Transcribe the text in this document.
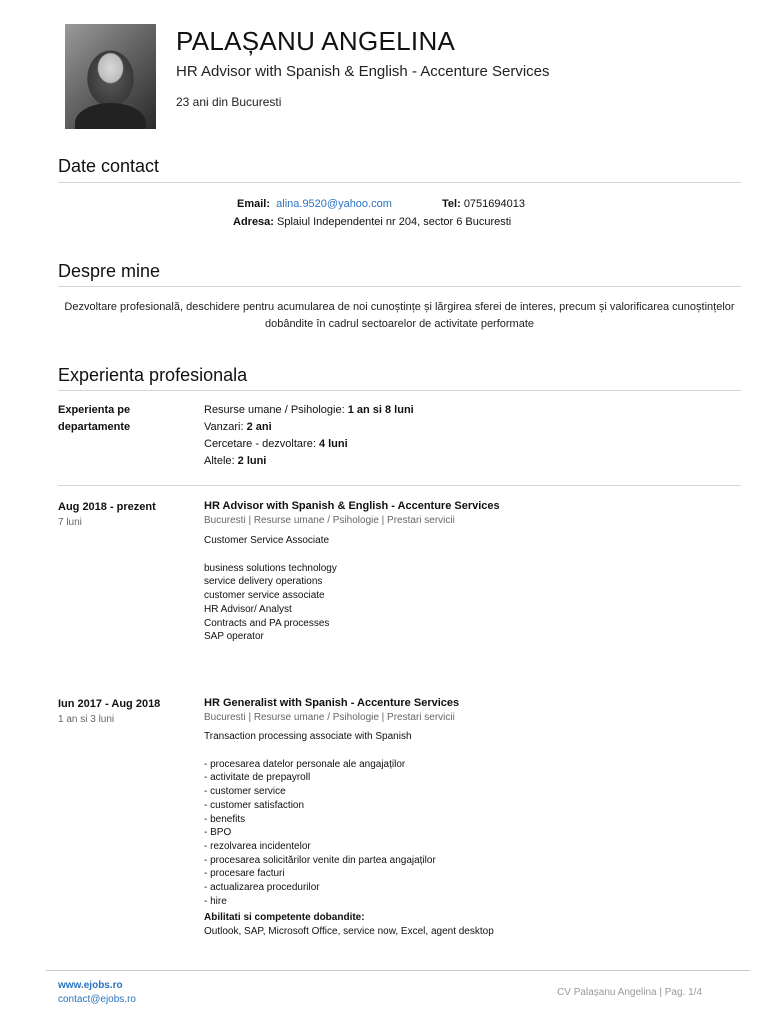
PALAȘANU ANGELINA
HR Advisor with Spanish & English - Accenture Services
23 ani din Bucuresti
Date contact
Email: alina.9520@yahoo.com	Tel: 0751694013
Adresa: Splaiul Independentei nr 204, sector 6 Bucuresti
Despre mine
Dezvoltare profesională, deschidere pentru acumularea de noi cunoștințe și lărgirea sferei de interes, precum și valorificarea cunoștințelor dobândite în cadrul sectoarelor de activitate performate
Experienta profesionala
Experienta pe
departamente
Resurse umane / Psihologie: 1 an si 8 luni
Vanzari: 2 ani
Cercetare - dezvoltare: 4 luni
Altele: 2 luni
Aug 2018 - prezent
7 luni
HR Advisor with Spanish & English - Accenture Services
Bucuresti | Resurse umane / Psihologie | Prestari servicii
Customer Service Associate
business solutions technology
service delivery operations
customer service associate
HR Advisor/ Analyst
Contracts and PA processes
SAP operator
Iun 2017 - Aug 2018
1 an si 3 luni
HR Generalist with Spanish - Accenture Services
Bucuresti | Resurse umane / Psihologie | Prestari servicii
Transaction processing associate with Spanish
- procesarea datelor personale ale angajaților
- activitate de prepayroll
- customer service
- customer satisfaction
- benefits
- BPO
- rezolvarea incidentelor
- procesarea solicitărilor venite din partea angajaților
- procesare facturi
- actualizarea procedurilor
- hire
Abilitati si competente dobandite:
Outlook, SAP, Microsoft Office, service now, Excel, agent desktop
www.ejobs.ro
contact@ejobs.ro
CV Palașanu Angelina | Pag. 1/4
